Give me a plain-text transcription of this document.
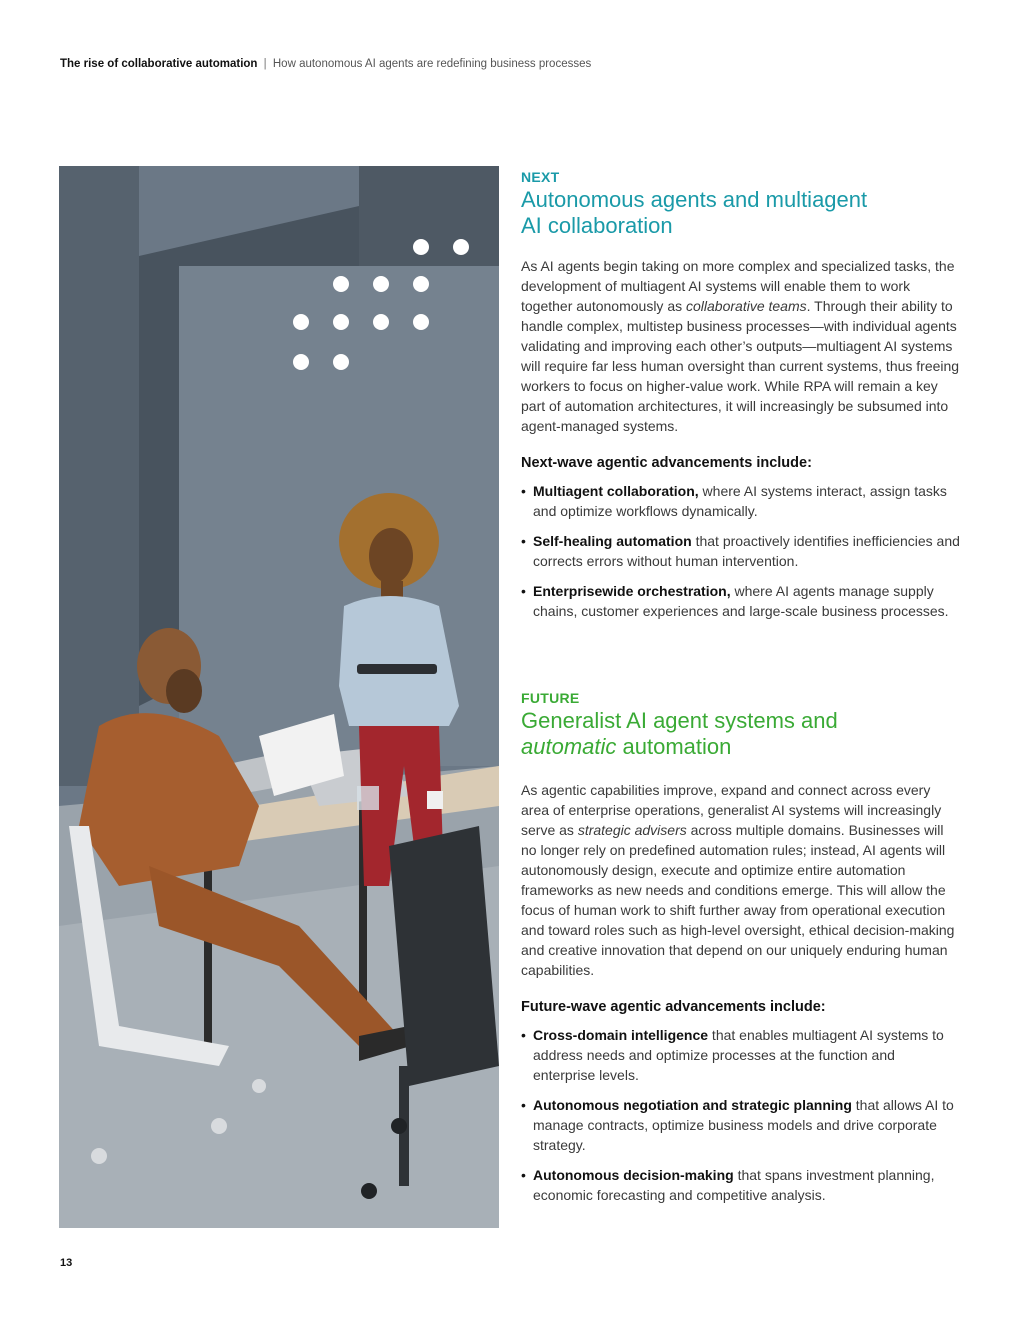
The rise of collaborative automation | How autonomous AI agents are redefining business processes

NEXT

Autonomous agents and multiagent
AI collaboration

As AI agents begin taking on more complex and specialized tasks, the development of multiagent AI systems will enable them to work together autonomously as collaborative teams. Through their ability to handle complex, multistep business processes—with individual agents validating and improving each other’s outputs—multiagent AI systems will require far less human oversight than current systems, thus freeing workers to focus on higher-value work. While RPA will remain a key part of automation architectures, it will increasingly be subsumed into agent-managed systems.

Next-wave agentic advancements include:

• Multiagent collaboration, where AI systems interact, assign tasks and optimize workflows dynamically.
• Self-healing automation that proactively identifies inefficiencies and corrects errors without human intervention.
• Enterprisewide orchestration, where AI agents manage supply chains, customer experiences and large-scale business processes.

FUTURE

Generalist AI agent systems and
automatic automation

As agentic capabilities improve, expand and connect across every area of enterprise operations, generalist AI systems will increasingly serve as strategic advisers across multiple domains. Businesses will no longer rely on predefined automation rules; instead, AI agents will autonomously design, execute and optimize entire automation frameworks as new needs and conditions emerge. This will allow the focus of human work to shift further away from operational execution and toward roles such as high-level oversight, ethical decision-making and creative innovation that depend on our uniquely enduring human capabilities.

Future-wave agentic advancements include:

• Cross-domain intelligence that enables multiagent AI systems to address needs and optimize processes at the function and enterprise levels.
• Autonomous negotiation and strategic planning that allows AI to manage contracts, optimize business models and drive corporate strategy.
• Autonomous decision-making that spans investment planning, economic forecasting and competitive analysis.
13
